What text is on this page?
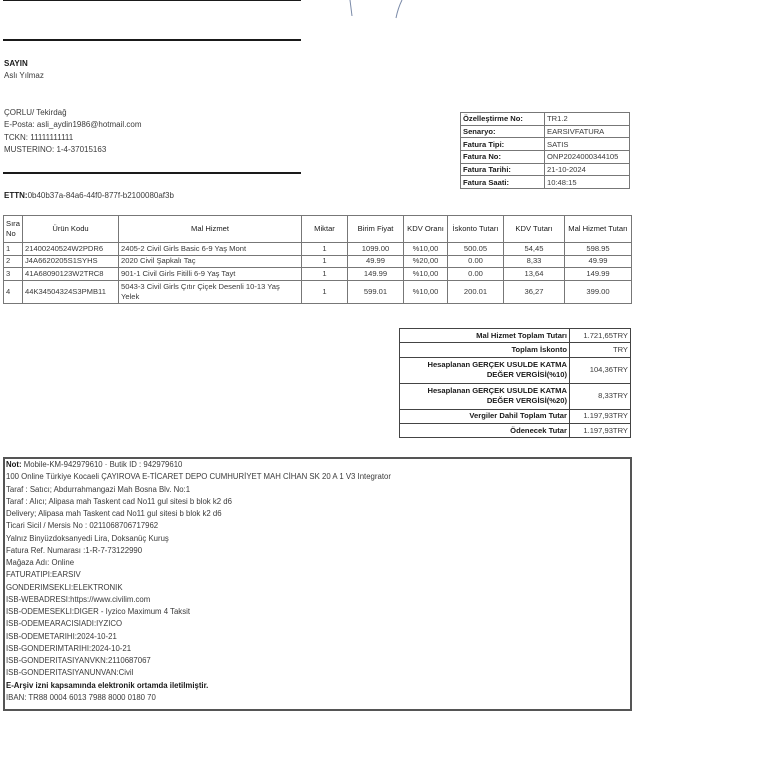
SAYIN
Aslı Yılmaz
ÇORLU/ Tekirdağ
E-Posta: asli_aydin1986@hotmail.com
TCKN: 11111111111
MUSTERINO: 1-4-37015163
ETTN:0b40b37a-84a6-44f0-877f-b2100080af3b
Özelleştirme No:	TR1.2
Senaryo:	EARSIVFATURA
Fatura Tipi:	SATIS
Fatura No:	ONP2024000344105
Fatura Tarihi:	21-10-2024
Fatura Saati:	10:48:15
Sıra No	Ürün Kodu	Mal Hizmet	Miktar	Birim Fiyat	KDV Oranı	İskonto Tutarı	KDV Tutarı	Mal Hizmet Tutarı
1	21400240524W2PDR6	2405-2 Civil Girls Basic 6-9 Yaş Mont	1	1099.00	%10,00	500.05	54,45	598.95
2	J4A6620205S1SYHS	2020 Civil Şapkalı Taç	1	49.99	%20,00	0.00	8,33	49.99
3	41A68090123W2TRC8	901-1 Civil Girls Fitilli 6-9 Yaş Tayt	1	149.99	%10,00	0.00	13,64	149.99
4	44K34504324S3PMB11	5043-3 Civil Girls Çıtır Çiçek Desenli 10-13 Yaş Yelek	1	599.01	%10,00	200.01	36,27	399.00
Mal Hizmet Toplam Tutarı	1.721,65TRY
Toplam İskonto	TRY
Hesaplanan GERÇEK USULDE KATMA DEĞER VERGİSİ(%10)	104,36TRY
Hesaplanan GERÇEK USULDE KATMA DEĞER VERGİSİ(%20)	8,33TRY
Vergiler Dahil Toplam Tutar	1.197,93TRY
Ödenecek Tutar	1.197,93TRY
Not: Mobile-KM-942979610 · Butik ID : 942979610
100 Online Türkiye Kocaeli ÇAYIROVA E-TİCARET DEPO CUMHURİYET MAH CİHAN SK 20 A 1 V3 Integrator
Taraf : Satıcı; Abdurrahmangazi Mah Bosna Blv. No:1
Taraf : Alıcı; Alipasa mah Taskent cad No11 gul sitesi b blok k2 d6
Delivery; Alipasa mah Taskent cad No11 gul sitesi b blok k2 d6
Ticari Sicil / Mersis No : 0211068706717962
Yalnız Binyüzdoksanyedi Lira, Doksanüç Kuruş
Fatura Ref. Numarası :1-R-7-73122990
Mağaza Adı: Online
FATURATIPI:EARSIV
GONDERIMSEKLI:ELEKTRONIK
ISB-WEBADRESI:https://www.civilim.com
ISB-ODEMESEKLI:DIGER - Iyzico Maximum 4 Taksit
ISB-ODEMEARACISIADI:IYZICO
ISB-ODEMETARIHI:2024-10-21
ISB-GONDERIMTARIHI:2024-10-21
ISB-GONDERITASIYANVKN:2110687067
ISB-GONDERITASIYANUNVAN:Civil
E-Arşiv izni kapsamında elektronik ortamda iletilmiştir.
IBAN: TR88 0004 6013 7988 8000 0180 70
